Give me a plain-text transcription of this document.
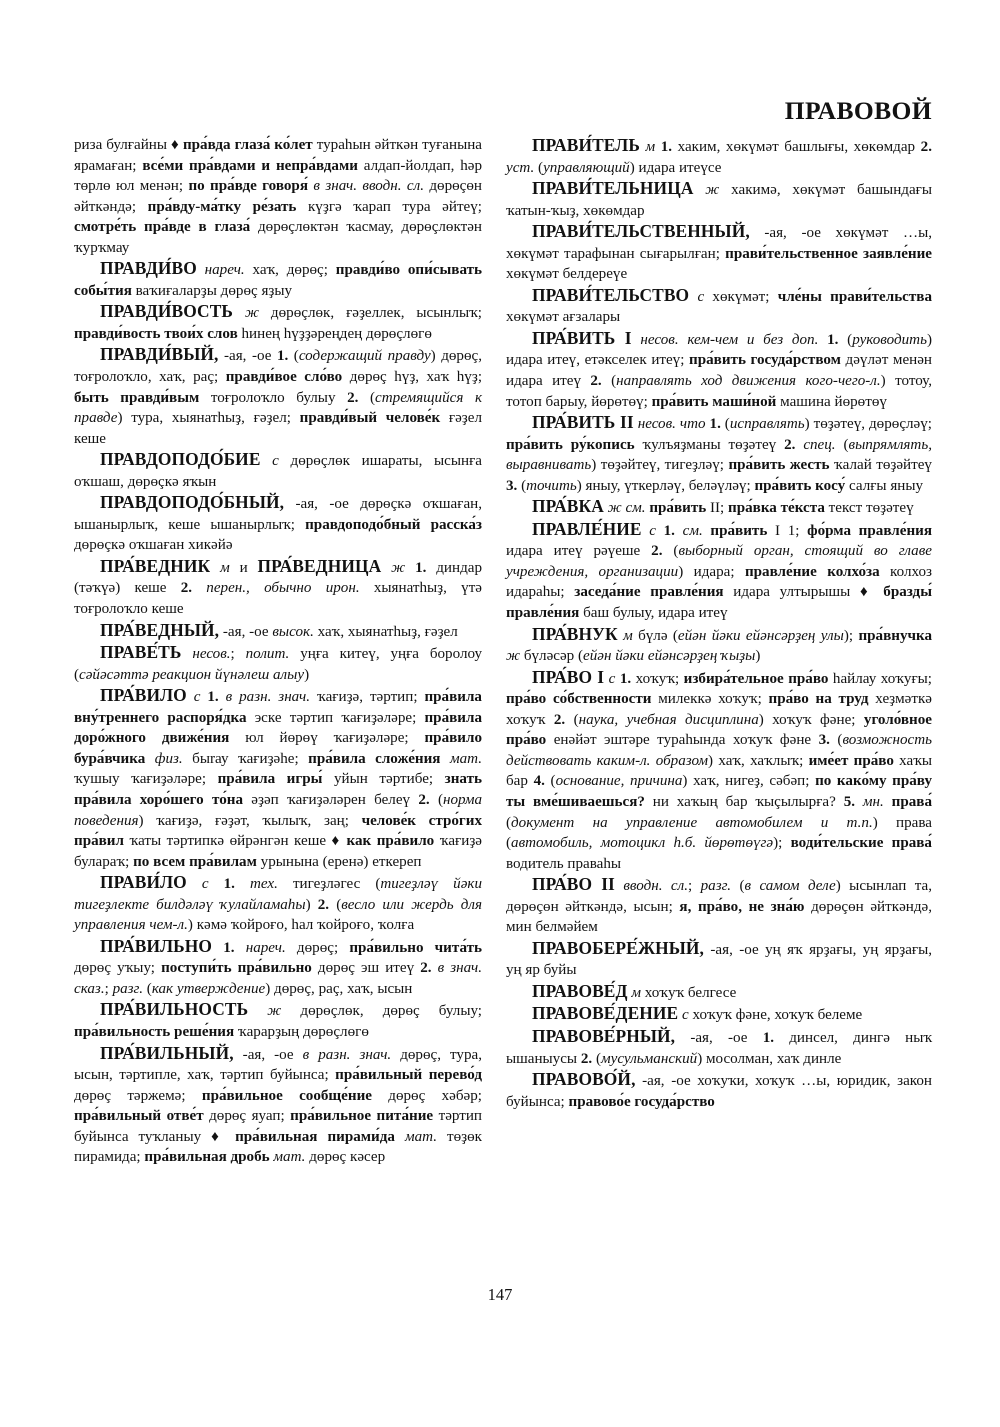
ПРАВОВОЙ

риза булғайны ♦ пра́вда глаза́ ко́лет тураһын әйткән туғанына ярамаған; все́ми пра́вдами и непра́вдами алдап-йолдап, һәр төрлө юл менән; по пра́вде говоря́ в знач. вводн. сл. дөрөçөн әйткәндә; пра́вду-ма́тку ре́зать күҙгә ҡарап тура әйтеү; смотре́ть пра́вде в глаза́ дөрөçлөктән ҡасмау, дөрөçлөктән ҡурҡмау

ПРАВДИ́ВО нареч. хаҡ, дөрөç; правди́во опи́сывать собы́тия ваҡиғаларҙы дөрөç яҙыу

ПРАВДИ́ВОСТЬ ж дөрөçлөк, ғәҙеллек, ысынлыҡ; правди́вость твои́х слов һинең һүҙҙәреңдең дөрөçлөгө

ПРАВДИ́ВЫЙ, -ая, -ое 1. (содержащий правду) дөрөç, тоғролоҡло, хаҡ, раç; правди́вое сло́во дөрөç һүҙ, хаҡ һүҙ; быть правди́вым тоғролоҡло булыу 2. (стремящийся к правде) тура, хыянатһыҙ, ғәҙел; правди́вый челове́к ғәҙел кеше

ПРАВДОПОДО́БИЕ с дөрөçлөк ишараты, ысынға оҡшаш, дөрөçкә яҡын

ПРАВДОПОДО́БНЫЙ, -ая, -ое дөрөçкә оҡшаған, ышанырлыҡ, кеше ышанырлыҡ; правдоподо́бный расска́з дөрөçкә оҡшаған хикәйә

ПРА́ВЕДНИК м и ПРА́ВЕДНИЦА ж 1. диндар (тәҡүә) кеше 2. перен., обычно ирон. хыянатһыҙ, үтә тоғролоҡло кеше

ПРА́ВЕДНЫЙ, -ая, -ое высок. хаҡ, хыянатһыҙ, ғәҙел

ПРАВЕ́ТЬ несов.; полит. уңға китеү, уңға боролоу (сәйәсәттә реакцион йүнәлеш алыу)

ПРА́ВИЛО с 1. в разн. знач. ҡағиҙә, тәртип; пра́вила вну́треннего распоря́дка эске тәртип ҡағиҙәләре; пра́вила доро́жного движе́ния юл йөрөү ҡағиҙәләре; пра́вило бура́вчика физ. быrау ҡағиҙәһе; пра́вила сложе́ния мат. ҡушыу ҡағиҙәләре; пра́вила игры́ уйын тәртибе; знать пра́вила хоро́шего то́на әҙәп ҡағиҙәләрен белеү 2. (норма поведения) ҡағиҙә, ғәҙәт, ҡылыҡ, заң; челове́к стро́гих пра́вил ҡаты тәртипкә өйрәнгән кеше ♦ как пра́вило ҡағиҙә булараҡ; по всем пра́вилам урынына (еренә) еткереп

ПРАВИ́ЛО с 1. тех. тигеҙләгес (тигеҙләү йәки тигеҙлекте билдәләү ҡулайламаһы) 2. (весло или жердь для управления чем-л.) кәмә ҡойроғо, һал ҡойроғо, ҡолға

ПРА́ВИЛЬНО 1. нареч. дөрөç; пра́вильно чита́ть дөрөç уҡыу; поступи́ть пра́вильно дөрөç эш итеү 2. в знач. сказ.; разг. (как утверждение) дөрөç, раç, хаҡ, ысын

ПРА́ВИЛЬНОСТЬ ж дөрөçлөк, дөрөç булыу; пра́вильность реше́ния ҡарарҙың дөрөçлөгө

ПРА́ВИЛЬНЫЙ, -ая, -ое в разн. знач. дөрөç, тура, ысын, тәртипле, хаҡ, тәртип буйынса; пра́вильный перево́д дөрөç тәржемә; пра́вильное сообще́ние дөрөç хәбәр; пра́вильный отве́т дөрөç яуап; пра́вильное пита́ние тәртип буйынса туҡланыу ♦ пра́вильная пирами́да мат. төҙөк пирамида; пра́вильная дробь мат. дөрөç кәсер

ПРАВИ́ТЕЛЬ м 1. хаким, хөкүмәт башлығы, хөкөмдар 2. уст. (управляющий) идара итеүсе

ПРАВИ́ТЕЛЬНИЦА ж хакимә, хөкүмәт башындағы ҡатын-ҡыҙ, хөкөмдар

ПРАВИ́ТЕЛЬСТВЕННЫЙ, -ая, -ое хөкүмәт …ы, хөкүмәт тарафынан сығарылған; прави́тельственное заявле́ние хөкүмәт белдереүе

ПРАВИ́ТЕЛЬСТВО с хөкүмәт; чле́ны прави́тельства хөкүмәт ағзалары

ПРА́ВИТЬ I несов. кем-чем и без доп. 1. (руководить) идара итеү, етәкселек итеү; пра́вить госуда́рством дәүләт менән идара итеү 2. (направлять ход движения кого-чего-л.) тотоу, тотоп барыу, йөрөтөү; пра́вить маши́ной машина йөрөтөү

ПРА́ВИТЬ II несов. что 1. (исправлять) төҙәтеү, дөрөçләү; пра́вить ру́копись ҡулъяҙманы төҙәтеү 2. спец. (выпрямлять, выравнивать) төҙәйтеү, тигеҙләү; пра́вить жесть ҡалай төҙәйтеү 3. (точить) яныу, үткерләү, беләүләү; пра́вить косу́ салғы яныу

ПРА́ВКА ж см. пра́вить II; пра́вка те́кста текст төҙәтеү

ПРАВЛЕ́НИЕ с 1. см. пра́вить I 1; фо́рма правле́ния идара итеү рәүеше 2. (выборный орган, стоящий во главе учреждения, организации) идара; правле́ние колхо́за колхоз идараһы; заседа́ние правле́ния идара ултырышы ♦ бразды́ правле́ния баш булыу, идара итеү

ПРА́ВНУК м бүлә (ейән йәки ейәнсәрҙең улы); пра́внучка ж бүләсәр (ейән йәки ейәнсәрҙең ҡыҙы)

ПРА́ВО I с 1. хоҡуҡ; избира́тельное пра́во һайлау хоҡуғы; пра́во со́бственности милеккә хоҡуҡ; пра́во на труд хеҙмәткә хоҡуҡ 2. (наука, учебная дисциплина) хоҡуҡ фәне; уголо́вное пра́во енәйәт эштәре тураһында хоҡуҡ фәне 3. (возможность действовать каким-л. образом) хаҡ, хаҡлыҡ; име́ет пра́во хаҡы бар 4. (основание, причина) хаҡ, нигеҙ, сәбәп; по како́му пра́ву ты вме́шиваешься? ни хаҡың бар ҡыçылырға? 5. мн. права́ (документ на управление автомобилем и т.п.) права (автомобиль, мотоцикл һ.б. йөрөтөүгә); води́тельские права́ водитель праваһы

ПРА́ВО II вводн. сл.; разг. (в самом деле) ысынлап та, дөрөçөн әйткәндә, ысын; я, пра́во, не зна́ю дөрөçөн әйткәндә, мин белмәйем

ПРАВОБЕРЕ́ЖНЫЙ, -ая, -ое уң яҡ ярҙағы, уң ярҙағы, уң яр буйы

ПРАВОВЕ́Д м хоҡуҡ белгесе

ПРАВОВЕ́ДЕНИЕ с хоҡуҡ фәне, хоҡуҡ белеме

ПРАВОВЕ́РНЫЙ, -ая, -ое 1. динсел, дингә ныҡ ышаныусы 2. (мусульманский) мосолман, хаҡ динле

ПРАВОВО́Й, -ая, -ое хоҡуҡи, хоҡуҡ …ы, юридик, закон буйынса; правово́е госуда́рство

147
